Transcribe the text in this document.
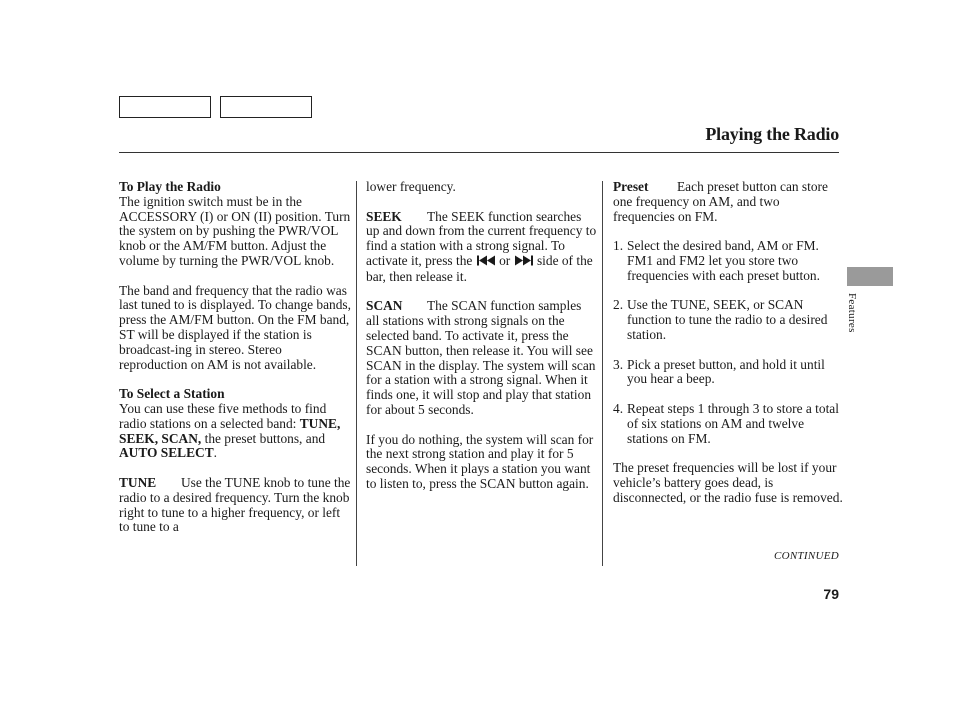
Playing the Radio

To Play the Radio

The ignition switch must be in the ACCESSORY (I) or ON (II) position. Turn the system on by pushing the PWR/VOL knob or the AM/FM button. Adjust the volume by turning the PWR/VOL knob.

The band and frequency that the radio was last tuned to is displayed. To change bands, press the AM/FM button. On the FM band, ST will be displayed if the station is broadcast-ing in stereo. Stereo reproduction on AM is not available.

To Select a Station

You can use these five methods to find radio stations on a selected band: TUNE, SEEK, SCAN, the preset buttons, and AUTO SELECT.

TUNE Use the TUNE knob to tune the radio to a desired frequency. Turn the knob right to tune to a higher frequency, or left to tune to a

lower frequency.

SEEK The SEEK function searches up and down from the current frequency to find a station with a strong signal. To activate it, press the or side of the bar, then release it.

SCAN The SCAN function samples all stations with strong signals on the selected band. To activate it, press the SCAN button, then release it. You will see SCAN in the display. The system will scan for a station with a strong signal. When it finds one, it will stop and play that station for about 5 seconds.

If you do nothing, the system will scan for the next strong station and play it for 5 seconds. When it plays a station you want to listen to, press the SCAN button again.

Preset Each preset button can store one frequency on AM, and two frequencies on FM.

1. Select the desired band, AM or FM. FM1 and FM2 let you store two frequencies with each preset button.
2. Use the TUNE, SEEK, or SCAN function to tune the radio to a desired station.
3. Pick a preset button, and hold it until you hear a beep.
4. Repeat steps 1 through 3 to store a total of six stations on AM and twelve stations on FM.

The preset frequencies will be lost if your vehicle’s battery goes dead, is disconnected, or the radio fuse is removed.

Features
CONTINUED
79
